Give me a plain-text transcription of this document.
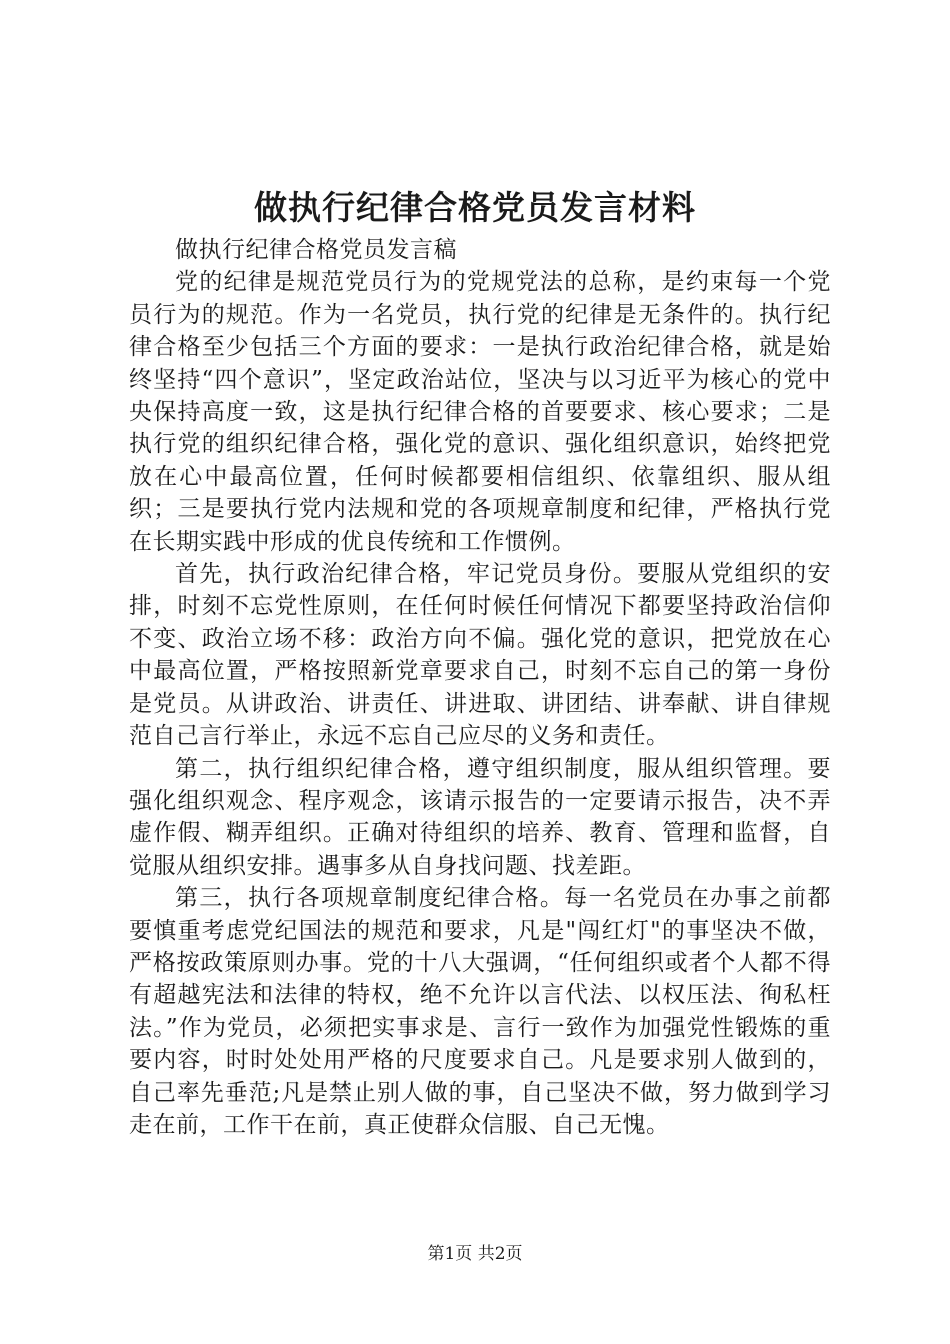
做执行纪律合格党员发言材料

做执行纪律合格党员发言稿

党的纪律是规范党员行为的党规党法的总称，是约束每一个党员行为的规范。作为一名党员，执行党的纪律是无条件的。执行纪律合格至少包括三个方面的要求：一是执行政治纪律合格，就是始终坚持“四个意识”，坚定政治站位，坚决与以习近平为核心的党中央保持高度一致，这是执行纪律合格的首要要求、核心要求；二是执行党的组织纪律合格，强化党的意识、强化组织意识，始终把党放在心中最高位置，任何时候都要相信组织、依靠组织、服从组织；三是要执行党内法规和党的各项规章制度和纪律，严格执行党在长期实践中形成的优良传统和工作惯例。

首先，执行政治纪律合格，牢记党员身份。要服从党组织的安排，时刻不忘党性原则，在任何时候任何情况下都要坚持政治信仰不变、政治立场不移：政治方向不偏。强化党的意识，把党放在心中最高位置，严格按照新党章要求自己，时刻不忘自己的第一身份是党员。从讲政治、讲责任、讲进取、讲团结、讲奉献、讲自律规范自己言行举止，永远不忘自己应尽的义务和责任。

第二，执行组织纪律合格，遵守组织制度，服从组织管理。要强化组织观念、程序观念，该请示报告的一定要请示报告，决不弄虚作假、糊弄组织。正确对待组织的培养、教育、管理和监督，自觉服从组织安排。遇事多从自身找问题、找差距。

第三，执行各项规章制度纪律合格。每一名党员在办事之前都要慎重考虑党纪国法的规范和要求，凡是"闯红灯"的事坚决不做，严格按政策原则办事。党的十八大强调，“任何组织或者个人都不得有超越宪法和法律的特权，绝不允许以言代法、以权压法、徇私枉法。”作为党员，必须把实事求是、言行一致作为加强党性锻炼的重要内容，时时处处用严格的尺度要求自己。凡是要求别人做到的，自己率先垂范;凡是禁止别人做的事，自己坚决不做，努力做到学习走在前，工作干在前，真正使群众信服、自己无愧。

第1页 共2页
